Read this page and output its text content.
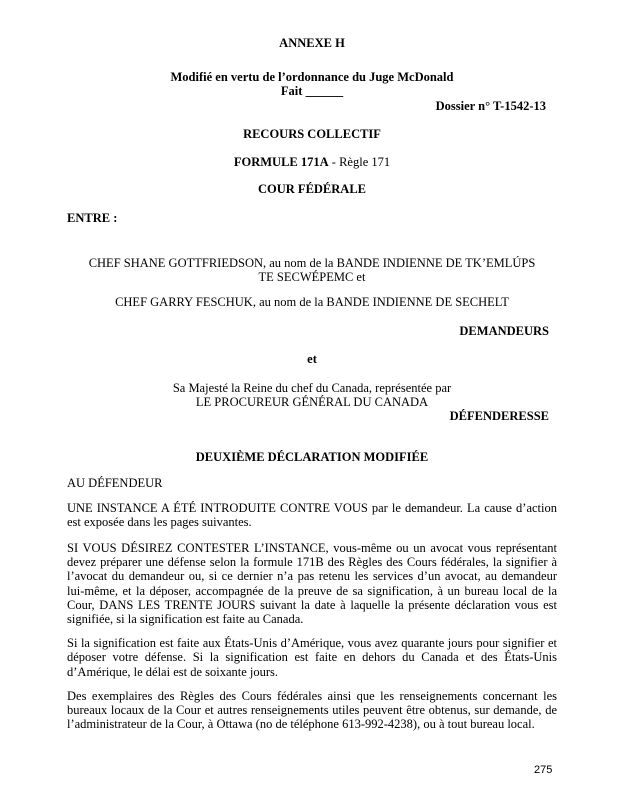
ANNEXE H
Modifié en vertu de l’ordonnance du Juge McDonald
Fait ______
Dossier n° T-1542-13
RECOURS COLLECTIF
FORMULE 171A - Règle 171
COUR FÉDÉRALE
ENTRE :
CHEF SHANE GOTTFRIEDSON, au nom de la BANDE INDIENNE DE TK’EMLÚPS
TE SECWÉPEMC et
CHEF GARRY FESCHUK, au nom de la BANDE INDIENNE DE SECHELT
DEMANDEURS
et
Sa Majesté la Reine du chef du Canada, représentée par
LE PROCUREUR GÉNÉRAL DU CANADA
DÉFENDERESSE
DEUXIÈME DÉCLARATION MODIFIÉE
AU DÉFENDEUR

UNE INSTANCE A ÉTÉ INTRODUITE CONTRE VOUS par le demandeur. La cause d’action est exposée dans les pages suivantes.

SI VOUS DÉSIREZ CONTESTER L’INSTANCE, vous-même ou un avocat vous représentant devez préparer une défense selon la formule 171B des Règles des Cours fédérales, la signifier à l’avocat du demandeur ou, si ce dernier n’a pas retenu les services d’un avocat, au demandeur lui-même, et la déposer, accompagnée de la preuve de sa signification, à un bureau local de la Cour, DANS LES TRENTE JOURS suivant la date à laquelle la présente déclaration vous est signifiée, si la signification est faite au Canada.

Si la signification est faite aux États-Unis d’Amérique, vous avez quarante jours pour signifier et déposer votre défense. Si la signification est faite en dehors du Canada et des États-Unis d’Amérique, le délai est de soixante jours.

Des exemplaires des Règles des Cours fédérales ainsi que les renseignements concernant les bureaux locaux de la Cour et autres renseignements utiles peuvent être obtenus, sur demande, de l’administrateur de la Cour, à Ottawa (no de téléphone 613-992-4238), ou à tout bureau local.

275
